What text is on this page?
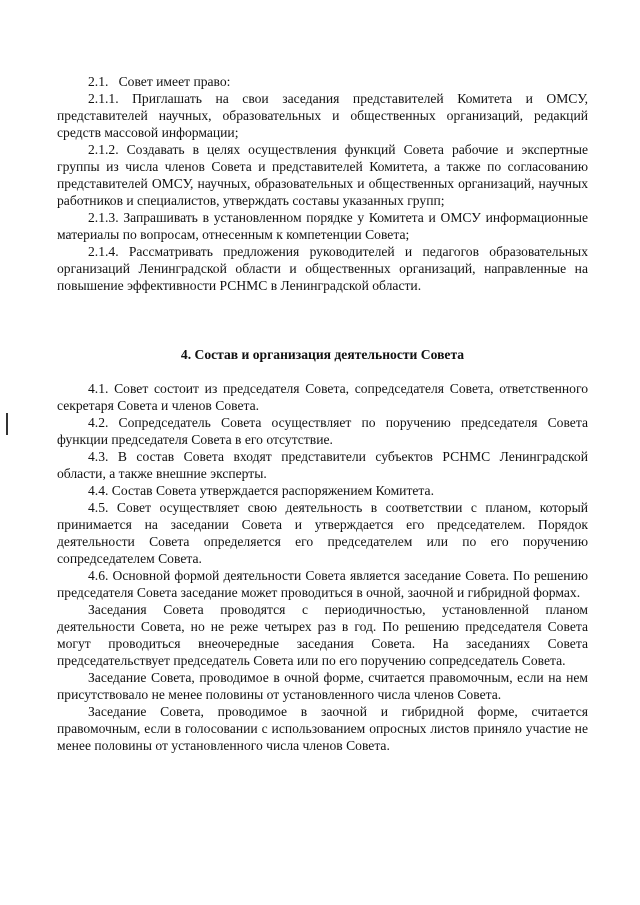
2.1.   Совет имеет право:

2.1.1. Приглашать на свои заседания представителей Комитета и ОМСУ, представителей научных, образовательных и общественных организаций, редакций средств массовой информации;

2.1.2. Создавать в целях осуществления функций Совета рабочие и экспертные группы из числа членов Совета и представителей Комитета, а также по согласованию представителей ОМСУ, научных, образовательных и общественных организаций, научных работников и специалистов, утверждать составы указанных групп;

2.1.3. Запрашивать в установленном порядке у Комитета и ОМСУ информационные материалы по вопросам, отнесенным к компетенции Совета;

2.1.4. Рассматривать предложения руководителей и педагогов образовательных организаций Ленинградской области и общественных организаций, направленные на повышение эффективности РСНМС в Ленинградской области.

4. Состав и организация деятельности Совета

4.1. Совет состоит из председателя Совета, сопредседателя Совета, ответственного секретаря Совета и членов Совета.

4.2. Сопредседатель Совета осуществляет по поручению председателя Совета функции председателя Совета в его отсутствие.

4.3. В состав Совета входят представители субъектов РСНМС Ленинградской области, а также внешние эксперты.

4.4. Состав Совета утверждается распоряжением Комитета.

4.5. Совет осуществляет свою деятельность в соответствии с планом, который принимается на заседании Совета и утверждается его председателем. Порядок деятельности Совета определяется его председателем или по его поручению сопредседателем Совета.

4.6. Основной формой деятельности Совета является заседание Совета. По решению председателя Совета заседание может проводиться в очной, заочной и гибридной формах.

Заседания Совета проводятся с периодичностью, установленной планом деятельности Совета, но не реже четырех раз в год. По решению председателя Совета могут проводиться внеочередные заседания Совета. На заседаниях Совета председательствует председатель Совета или по его поручению сопредседатель Совета.

Заседание Совета, проводимое в очной форме, считается правомочным, если на нем присутствовало не менее половины от установленного числа членов Совета.

Заседание Совета, проводимое в заочной и гибридной форме, считается правомочным, если в голосовании с использованием опросных листов приняло участие не менее половины от установленного числа членов Совета.
